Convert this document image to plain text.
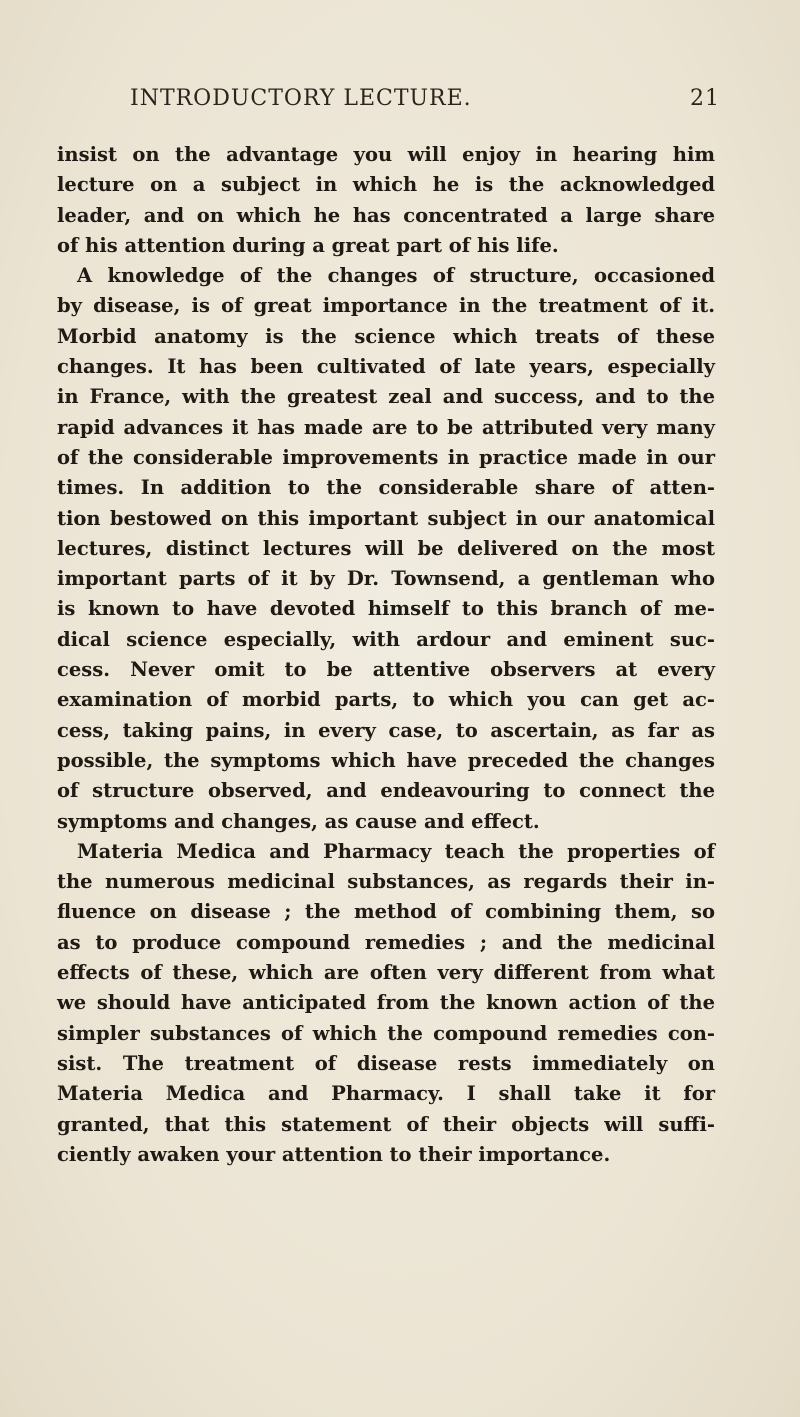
INTRODUCTORY LECTURE.	21
insist on the advantage you will enjoy in hearing him
lecture on a subject in which he is the acknowledged
leader, and on which he has concentrated a large share
of his attention during a great part of his life.
A knowledge of the changes of structure, occasioned
by disease, is of great importance in the treatment of it.
Morbid anatomy is the science which treats of these
changes. It has been cultivated of late years, especially
in France, with the greatest zeal and success, and to the
rapid advances it has made are to be attributed very many
of the considerable improvements in practice made in our
times. In addition to the considerable share of atten-
tion bestowed on this important subject in our anatomical
lectures, distinct lectures will be delivered on the most
important parts of it by Dr. Townsend, a gentleman who
is known to have devoted himself to this branch of me-
dical science especially, with ardour and eminent suc-
cess. Never omit to be attentive observers at every
examination of morbid parts, to which you can get ac-
cess, taking pains, in every case, to ascertain, as far as
possible, the symptoms which have preceded the changes
of structure observed, and endeavouring to connect the
symptoms and changes, as cause and effect.
Materia Medica and Pharmacy teach the properties of
the numerous medicinal substances, as regards their in-
fluence on disease ; the method of combining them, so
as to produce compound remedies ; and the medicinal
effects of these, which are often very different from what
we should have anticipated from the known action of the
simpler substances of which the compound remedies con-
sist. The treatment of disease rests immediately on
Materia Medica and Pharmacy. I shall take it for
granted, that this statement of their objects will suffi-
ciently awaken your attention to their importance.
